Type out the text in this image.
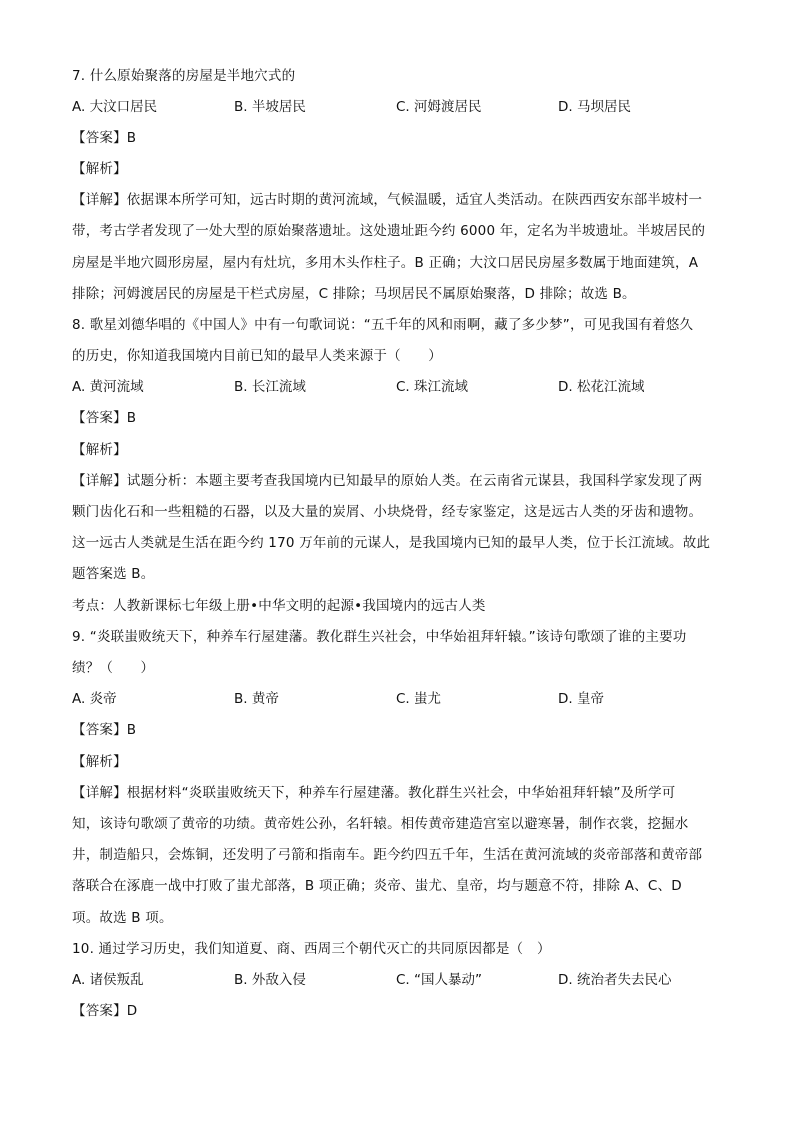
7. 什么原始聚落的房屋是半地穴式的
A. 大汶口居民	B. 半坡居民	C. 河姆渡居民	D. 马坝居民
【答案】B
【解析】
【详解】依据课本所学可知，远古时期的黄河流域，气候温暖，适宜人类活动。在陕西西安东部半坡村一
带，考古学者发现了一处大型的原始聚落遗址。这处遗址距今约 6000 年，定名为半坡遗址。半坡居民的
房屋是半地穴圆形房屋，屋内有灶坑，多用木头作柱子。B 正确；大汶口居民房屋多数属于地面建筑，A
排除；河姆渡居民的房屋是干栏式房屋，C 排除；马坝居民不属原始聚落，D 排除；故选 B。
8. 歌星刘德华唱的《中国人》中有一句歌词说：“五千年的风和雨啊，藏了多少梦”，可见我国有着悠久
的历史，你知道我国境内目前已知的最早人类来源于（　　）
A. 黄河流域	B. 长江流域	C. 珠江流域	D. 松花江流域
【答案】B
【解析】
【详解】试题分析：本题主要考查我国境内已知最早的原始人类。在云南省元谋县，我国科学家发现了两
颗门齿化石和一些粗糙的石器，以及大量的炭屑、小块烧骨，经专家鉴定，这是远古人类的牙齿和遗物。
这一远古人类就是生活在距今约 170 万年前的元谋人，是我国境内已知的最早人类，位于长江流域。故此
题答案选 B。
考点：人教新课标七年级上册•中华文明的起源•我国境内的远古人类
9. “炎联蚩败统天下，种养车行屋建藩。教化群生兴社会，中华始祖拜轩辕。”该诗句歌颂了谁的主要功
绩？（　　）
A. 炎帝	B. 黄帝	C. 蚩尤	D. 皇帝
【答案】B
【解析】
【详解】根据材料“炎联蚩败统天下，种养车行屋建藩。教化群生兴社会，中华始祖拜轩辕”及所学可
知，该诗句歌颂了黄帝的功绩。黄帝姓公孙，名轩辕。相传黄帝建造宫室以避寒暑，制作衣裳，挖掘水
井，制造船只，会炼铜，还发明了弓箭和指南车。距今约四五千年，生活在黄河流域的炎帝部落和黄帝部
落联合在涿鹿一战中打败了蚩尤部落，B 项正确；炎帝、蚩尤、皇帝，均与题意不符，排除 A、C、D
项。故选 B 项。
10. 通过学习历史，我们知道夏、商、西周三个朝代灭亡的共同原因都是（　）
A. 诸侯叛乱	B. 外敌入侵	C. “国人暴动”	D. 统治者失去民心
【答案】D
